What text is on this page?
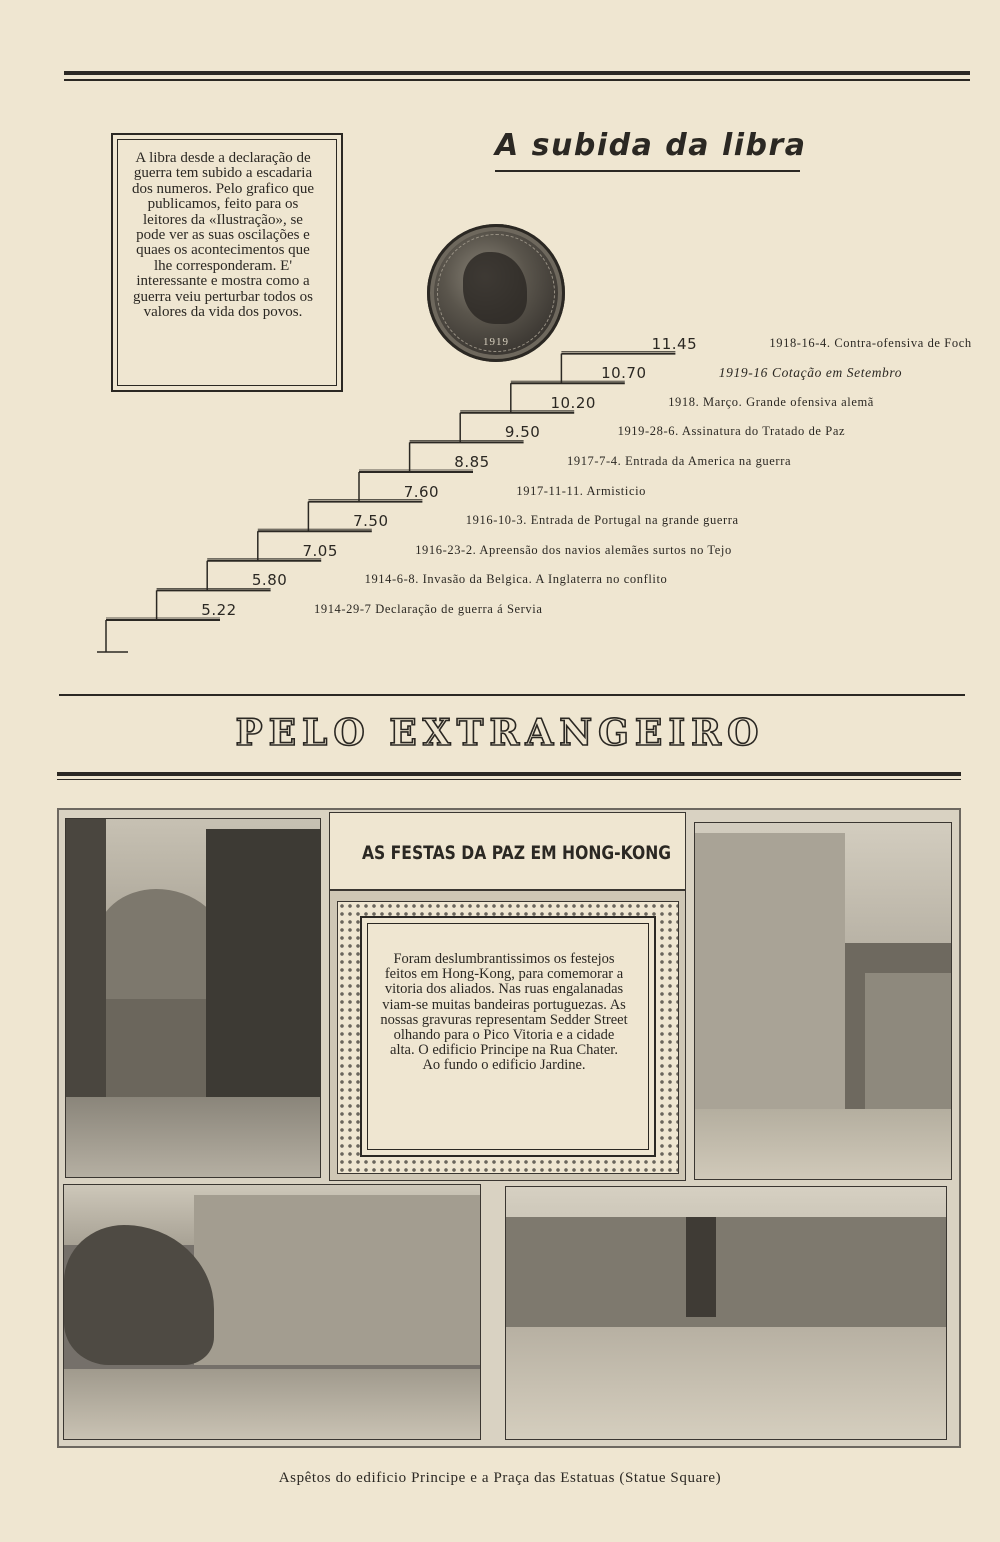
A libra desde a declaração de guerra tem subido a escadaria dos numeros. Pelo grafico que publicamos, feito para os leitores da «Ilustração», se pode ver as suas oscilações e quaes os acontecimentos que lhe corresponderam. E' interessante e mostra como a guerra veiu perturbar todos os valores da vida dos povos.

A subida da libra
1919
5.22	1914-29-7 Declaração de guerra á Servia
5.80	1914-6-8. Invasão da Belgica. A Inglaterra no conflito
7.05	1916-23-2. Apreensão dos navios alemães surtos no Tejo
7.50	1916-10-3. Entrada de Portugal na grande guerra
7.60	1917-11-11. Armisticio
8.85	1917-7-4. Entrada da America na guerra
9.50	1919-28-6. Assinatura do Tratado de Paz
10.20	1918. Março. Grande ofensiva alemã
10.70	1919-16 Cotação em Setembro
11.45	1918-16-4. Contra-ofensiva de Foch
PELO EXTRANGEIRO
AS FESTAS DA PAZ EM HONG-KONG

Foram deslumbrantissimos os festejos feitos em Hong-Kong, para comemorar a vitoria dos aliados. Nas ruas engalanadas viam-se muitas bandeiras portuguezas. As nossas gravuras representam Sedder Street olhando para o Pico Vitoria e a cidade alta. O edificio Principe na Rua Chater. Ao fundo o edificio Jardine.

Aspêtos do edificio Principe e a Praça das Estatuas (Statue Square)
